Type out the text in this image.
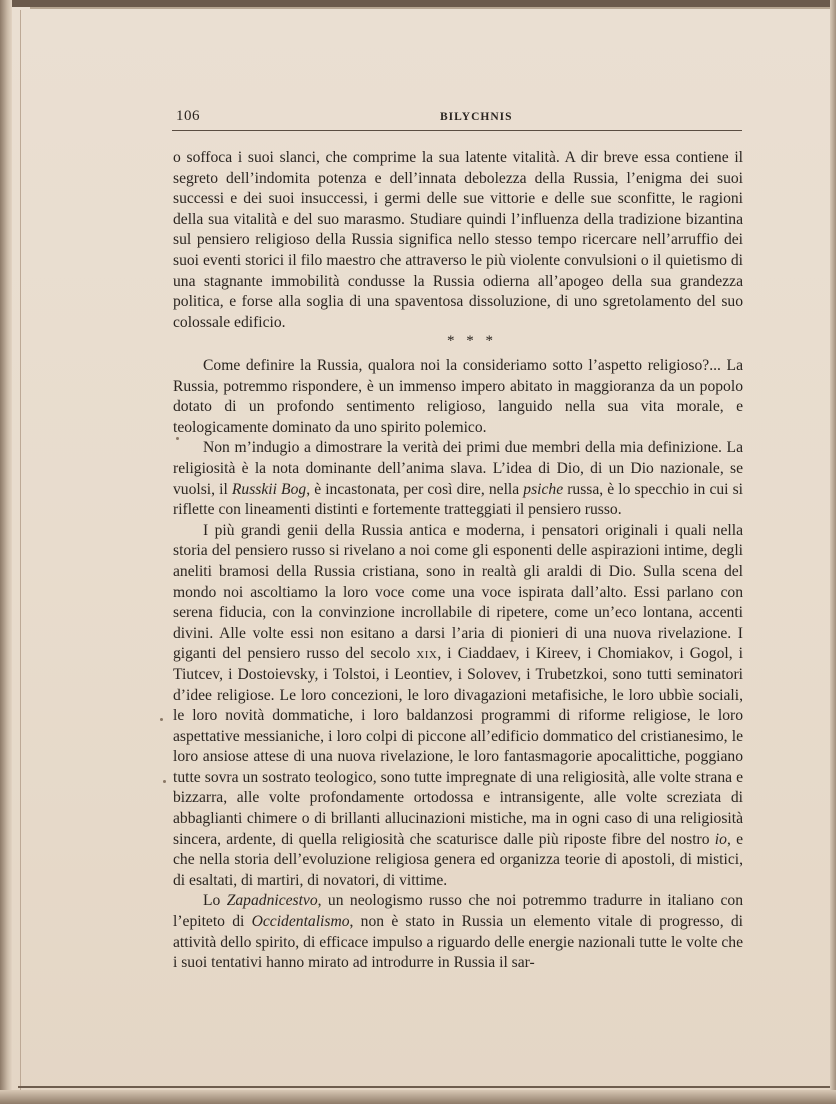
106	BILYCHNIS

o soffoca i suoi slanci, che comprime la sua latente vitalità. A dir breve essa contiene il segreto dell’indomita potenza e dell’innata debolezza della Russia, l’enigma dei suoi successi e dei suoi insuccessi, i germi delle sue vittorie e delle sue sconfitte, le ragioni della sua vitalità e del suo marasmo. Studiare quindi l’influenza della tradizione bizantina sul pensiero religioso della Russia significa nello stesso tempo ricercare nell’arruffio dei suoi eventi storici il filo maestro che attraverso le più violente convulsioni o il quietismo di una stagnante immobilità condusse la Russia odierna all’apogeo della sua grandezza politica, e forse alla soglia di una spaventosa dissoluzione, di uno sgretolamento del suo colossale edificio.

* * *

Come definire la Russia, qualora noi la consideriamo sotto l’aspetto religioso?... La Russia, potremmo rispondere, è un immenso impero abitato in maggioranza da un popolo dotato di un profondo sentimento religioso, languido nella sua vita morale, e teologicamente dominato da uno spirito polemico.

Non m’indugio a dimostrare la verità dei primi due membri della mia definizione. La religiosità è la nota dominante dell’anima slava. L’idea di Dio, di un Dio nazionale, se vuolsi, il Russkii Bog, è incastonata, per così dire, nella psiche russa, è lo specchio in cui si riflette con lineamenti distinti e fortemente tratteggiati il pensiero russo.

I più grandi genii della Russia antica e moderna, i pensatori originali i quali nella storia del pensiero russo si rivelano a noi come gli esponenti delle aspirazioni intime, degli aneliti bramosi della Russia cristiana, sono in realtà gli araldi di Dio. Sulla scena del mondo noi ascoltiamo la loro voce come una voce ispirata dall’alto. Essi parlano con serena fiducia, con la convinzione incrollabile di ripetere, come un’eco lontana, accenti divini. Alle volte essi non esitano a darsi l’aria di pionieri di una nuova rivelazione. I giganti del pensiero russo del secolo xix, i Ciaddaev, i Kireev, i Chomiakov, i Gogol, i Tiutcev, i Dostoievsky, i Tolstoi, i Leontiev, i Solovev, i Trubetzkoi, sono tutti seminatori d’idee religiose. Le loro concezioni, le loro divagazioni metafisiche, le loro ubbìe sociali, le loro novità dommatiche, i loro baldanzosi programmi di riforme religiose, le loro aspettative messianiche, i loro colpi di piccone all’edificio dommatico del cristianesimo, le loro ansiose attese di una nuova rivelazione, le loro fantasmagorie apocalittiche, poggiano tutte sovra un sostrato teologico, sono tutte impregnate di una religiosità, alle volte strana e bizzarra, alle volte profondamente ortodossa e intransigente, alle volte screziata di abbaglianti chimere o di brillanti allucinazioni mistiche, ma in ogni caso di una religiosità sincera, ardente, di quella religiosità che scaturisce dalle più riposte fibre del nostro io, e che nella storia dell’evoluzione religiosa genera ed organizza teorie di apostoli, di mistici, di esaltati, di martiri, di novatori, di vittime.

Lo Zapadnicestvo, un neologismo russo che noi potremmo tradurre in italiano con l’epiteto di Occidentalismo, non è stato in Russia un elemento vitale di progresso, di attività dello spirito, di efficace impulso a riguardo delle energie nazionali tutte le volte che i suoi tentativi hanno mirato ad introdurre in Russia il sar-
